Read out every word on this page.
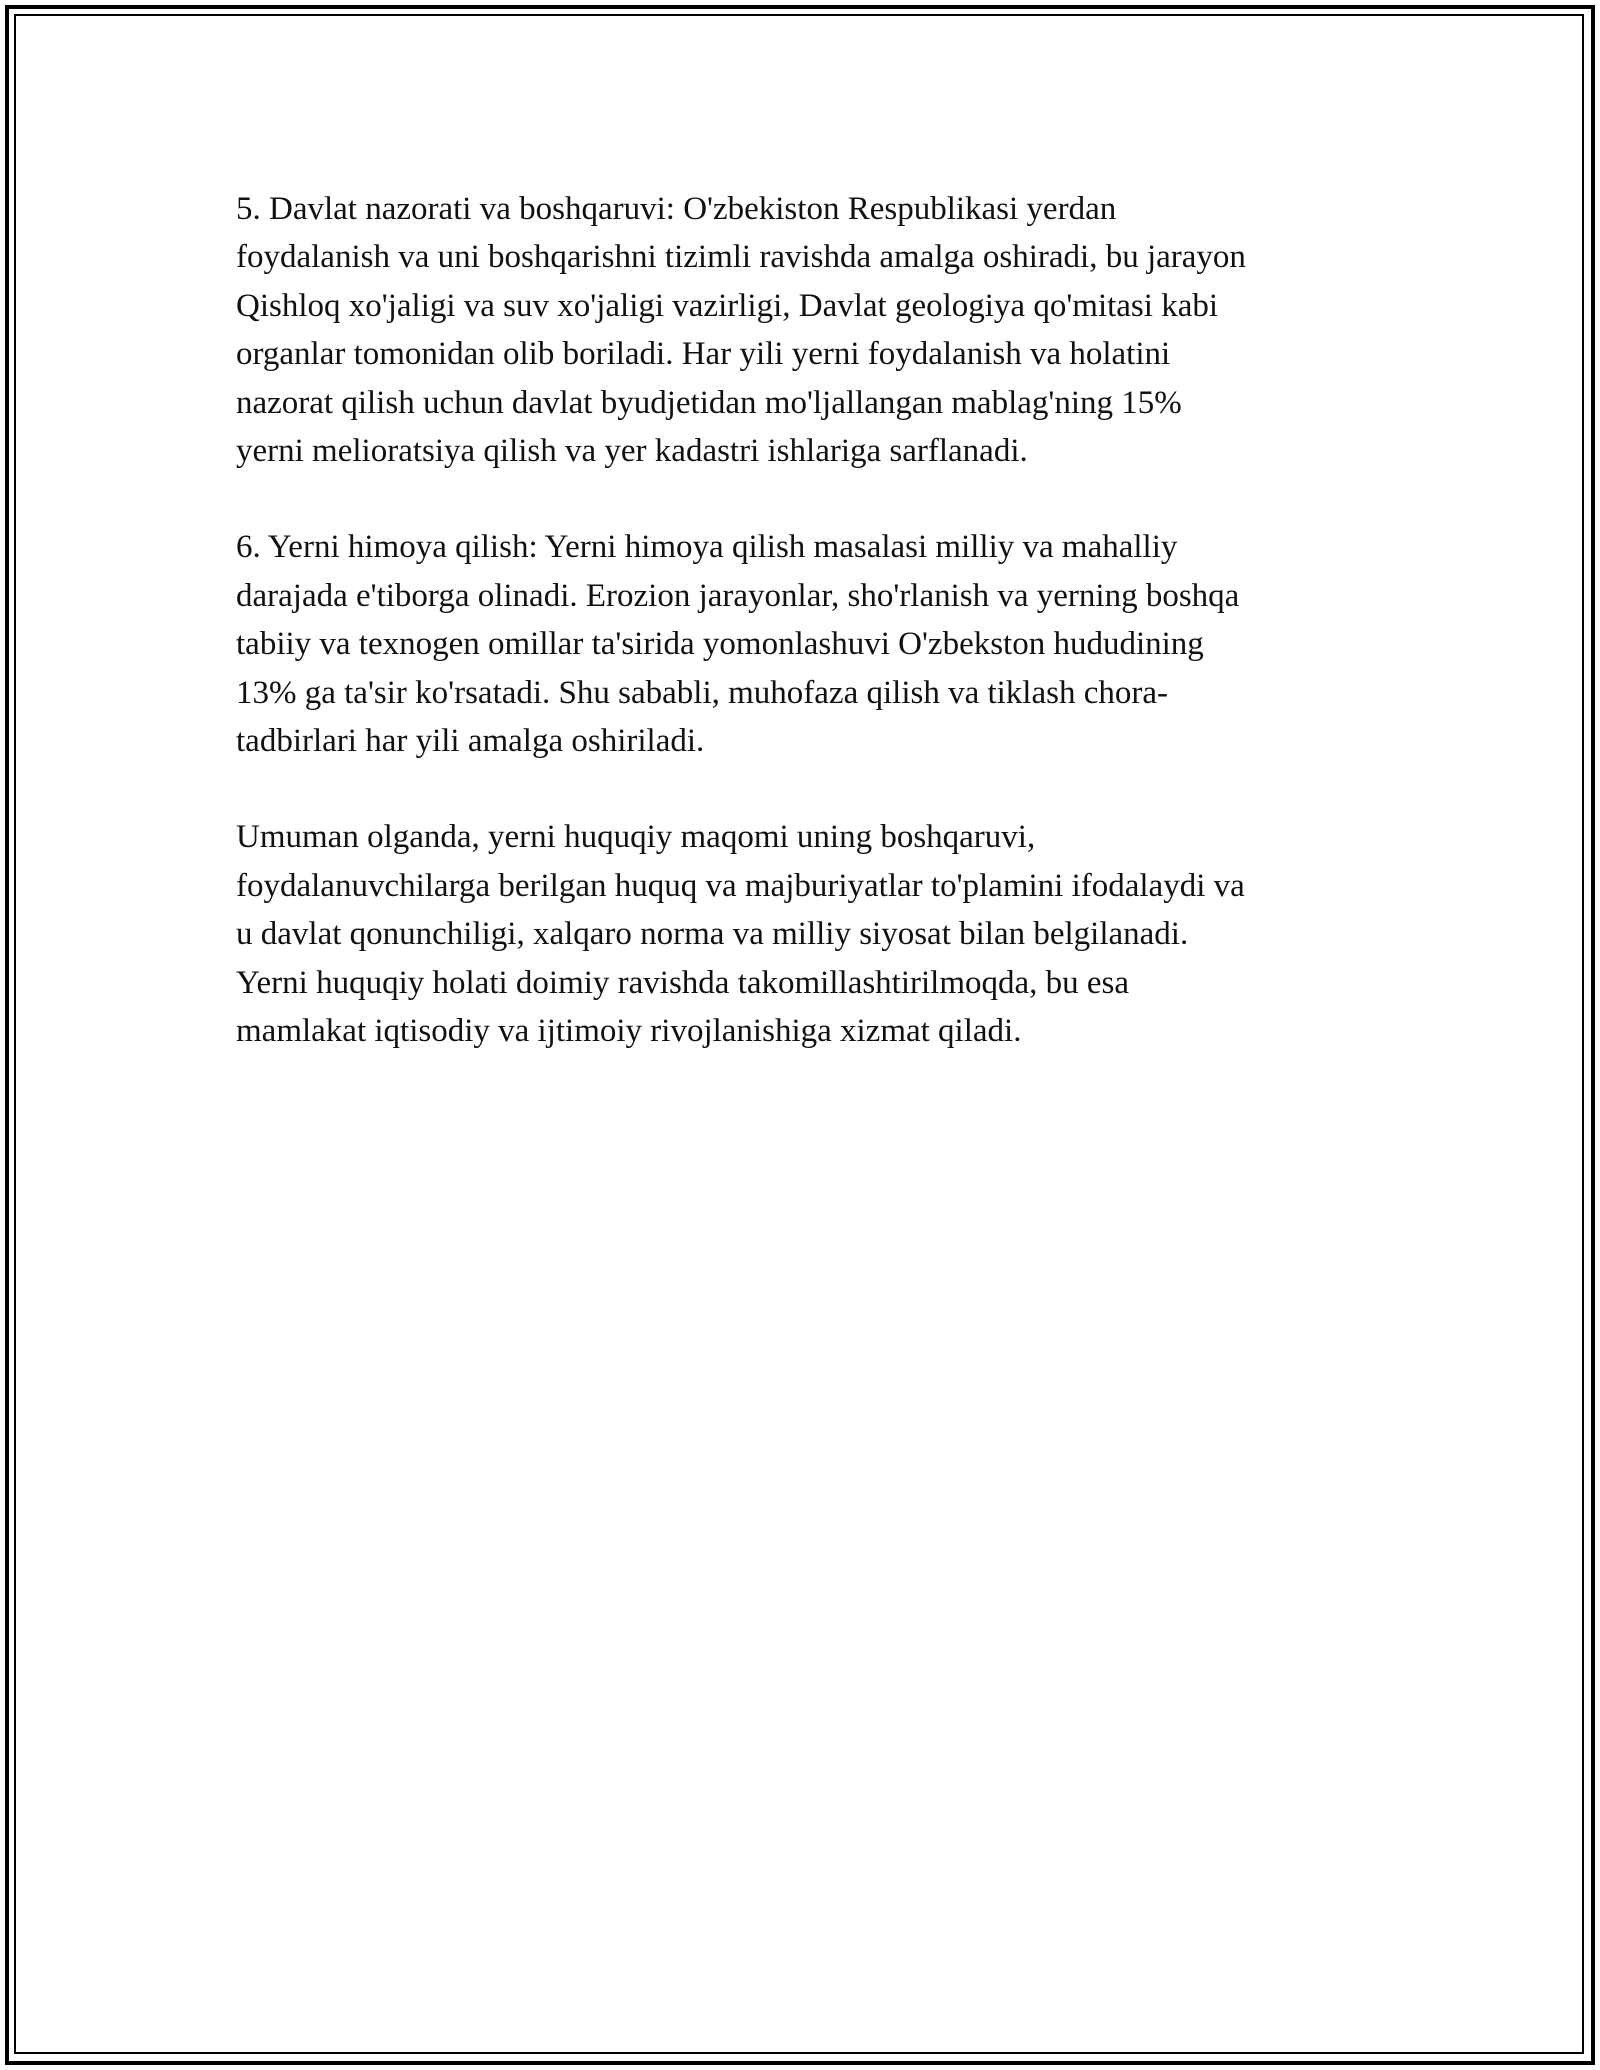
5. Davlat nazorati va boshqaruvi: O'zbekiston Respublikasi yerdan

foydalanish va uni boshqarishni tizimli ravishda amalga oshiradi, bu jarayon

Qishloq xo'jaligi va suv xo'jaligi vazirligi, Davlat geologiya qo'mitasi kabi

organlar tomonidan olib boriladi. Har yili yerni foydalanish va holatini

nazorat qilish uchun davlat byudjetidan mo'ljallangan mablag'ning 15%

yerni melioratsiya qilish va yer kadastri ishlariga sarflanadi.

6. Yerni himoya qilish: Yerni himoya qilish masalasi milliy va mahalliy

darajada e'tiborga olinadi. Erozion jarayonlar, sho'rlanish va yerning boshqa

tabiiy va texnogen omillar ta'sirida yomonlashuvi O'zbekston hududining

13% ga ta'sir ko'rsatadi. Shu sababli, muhofaza qilish va tiklash chora-

tadbirlari har yili amalga oshiriladi.

Umuman olganda, yerni huquqiy maqomi uning boshqaruvi,

foydalanuvchilarga berilgan huquq va majburiyatlar to'plamini ifodalaydi va

u davlat qonunchiligi, xalqaro norma va milliy siyosat bilan belgilanadi.

Yerni huquqiy holati doimiy ravishda takomillashtirilmoqda, bu esa

mamlakat iqtisodiy va ijtimoiy rivojlanishiga xizmat qiladi.
